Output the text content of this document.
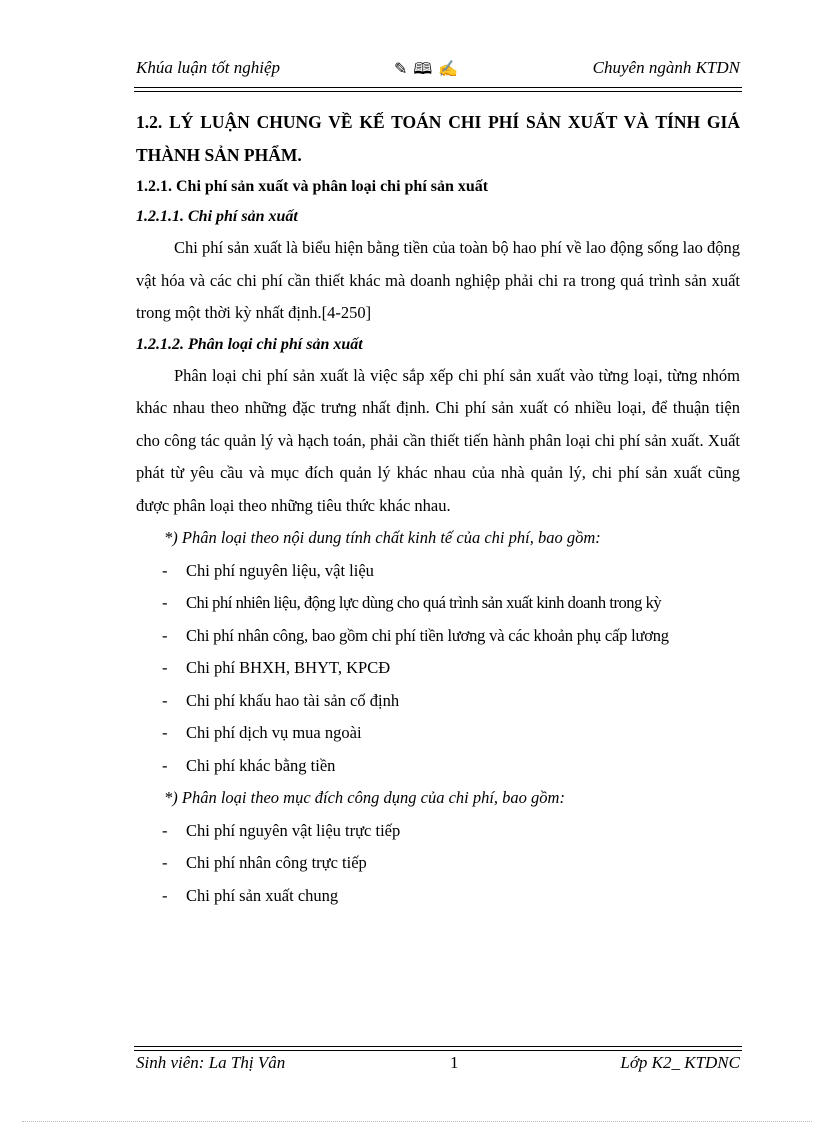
Khúa luận tốt nghiệp	✎ 🕮 ✍	Chuyên ngành KTDN

1.2. LÝ LUẬN CHUNG VỀ KẾ TOÁN CHI PHÍ SẢN XUẤT VÀ TÍNH GIÁ THÀNH SẢN PHẨM.

1.2.1. Chi phí sản xuất và phân loại chi phí sản xuất

1.2.1.1. Chi phí sản xuất

Chi phí sản xuất là biểu hiện bằng tiền của toàn bộ hao phí về lao động sống lao động vật hóa và các chi phí cần thiết khác mà doanh nghiệp phải chi ra trong quá trình sản xuất trong một thời kỳ nhất định.[4-250]

1.2.1.2. Phân loại chi phí sản xuất

Phân loại chi phí sản xuất là việc sắp xếp chi phí sản xuất vào từng loại, từng nhóm khác nhau theo những đặc trưng nhất định. Chi phí sản xuất có nhiều loại, để thuận tiện cho công tác quản lý và hạch toán, phải cần thiết tiến hành phân loại chi phí sản xuất. Xuất phát từ yêu cầu và mục đích quản lý khác nhau của nhà quản lý, chi phí sản xuất cũng được phân loại theo những tiêu thức khác nhau.

*) Phân loại theo nội dung tính chất kinh tế của chi phí, bao gồm:

- Chi phí nguyên liệu, vật liệu

- Chi phí nhiên liệu, động lực dùng cho quá trình sản xuất kinh doanh trong kỳ

- Chi phí nhân công, bao gồm chi phí tiền lương và các khoản phụ cấp lương

- Chi phí BHXH, BHYT, KPCĐ

- Chi phí khấu hao tài sản cố định

- Chi phí dịch vụ mua ngoài

- Chi phí khác bằng tiền

*) Phân loại theo mục đích công dụng của chi phí, bao gồm:

- Chi phí nguyên vật liệu trực tiếp

- Chi phí nhân công trực tiếp

- Chi phí sản xuất chung

Sinh viên: La Thị Vân	1	Lớp K2_ KTDNC
